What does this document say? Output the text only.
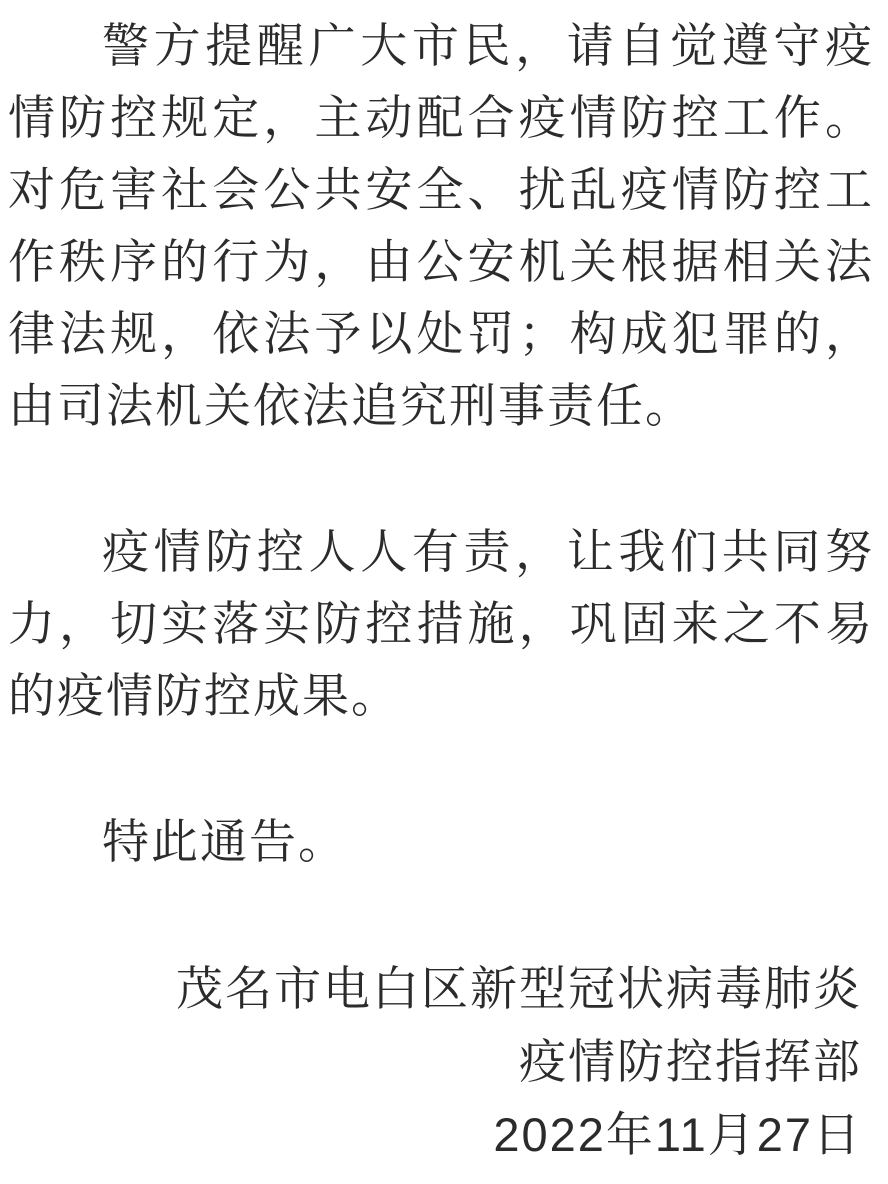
警方提醒广大市民，请自觉遵守疫情防控规定，主动配合疫情防控工作。对危害社会公共安全、扰乱疫情防控工作秩序的行为，由公安机关根据相关法律法规，依法予以处罚；构成犯罪的，由司法机关依法追究刑事责任。

疫情防控人人有责，让我们共同努力，切实落实防控措施，巩固来之不易的疫情防控成果。

特此通告。

茂名市电白区新型冠状病毒肺炎

疫情防控指挥部

2022年11月27日
